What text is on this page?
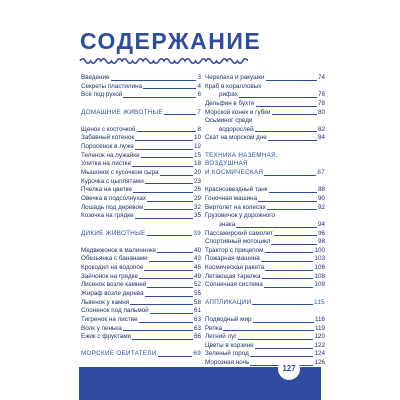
СОДЕРЖАНИЕ
Введение	3
Секреты пластилина	4
Всё под рукой	6
ДОМАШНИЕ ЖИВОТНЫЕ	7
Щенок с косточкой	8
Забавный котенок	10
Поросенок в луже	12
Теленок на лужайке	15
Улитка на листке	18
Мышонок с кусочком сыра	20
Курочка с цыплятами	23
Пчелка на цветке	26
Овечка в подсолнухах	29
Лошадь под деревом	32
Козочка на грядке	35
ДИКИЕ ЖИВОТНЫЕ	39
Медвежонок в малиннике	40
Обезьянка с бананами	43
Крокодил на водопое	46
Зайчонок на грядке	49
Лисенок возле камней	52
Жираф возле дерева	55
Львенок у камня	58
Слоненок под пальмой	61
Тигренок на листве	63
Волк у пенька	63
Ежик с фруктами	66
МОРСКИЕ ОБИТАТЕЛИ	69
Черепаха и ракушки	74
Краб в коралловых
рифах	76
Дельфин в бухте	78
Морской конек и губки	80
Осьминог среди
водорослей	82
Скат на морском дне	84
ТЕХНИКА НАЗЕМНАЯ,
ВОЗДУШНАЯ
И КОСМИЧЕСКАЯ	87
Краснозвездный танк	88
Гоночная машина	90
Вертолет на колесах	92
Грузовичок у дорожного
знака	94
Пассажирский самолет	96
Спортивный мотоцикл	98
Трактор с прицепом	100
Пожарная машина	103
Космическая ракета	106
Летающая тарелка	108
Солнечная система	109
АППЛИКАЦИИ	115
Подводный мир	116
Репка	119
Летний луг	120
Цветы в корзине	122
Зеленый город	124
Морозная ночь	126
127
